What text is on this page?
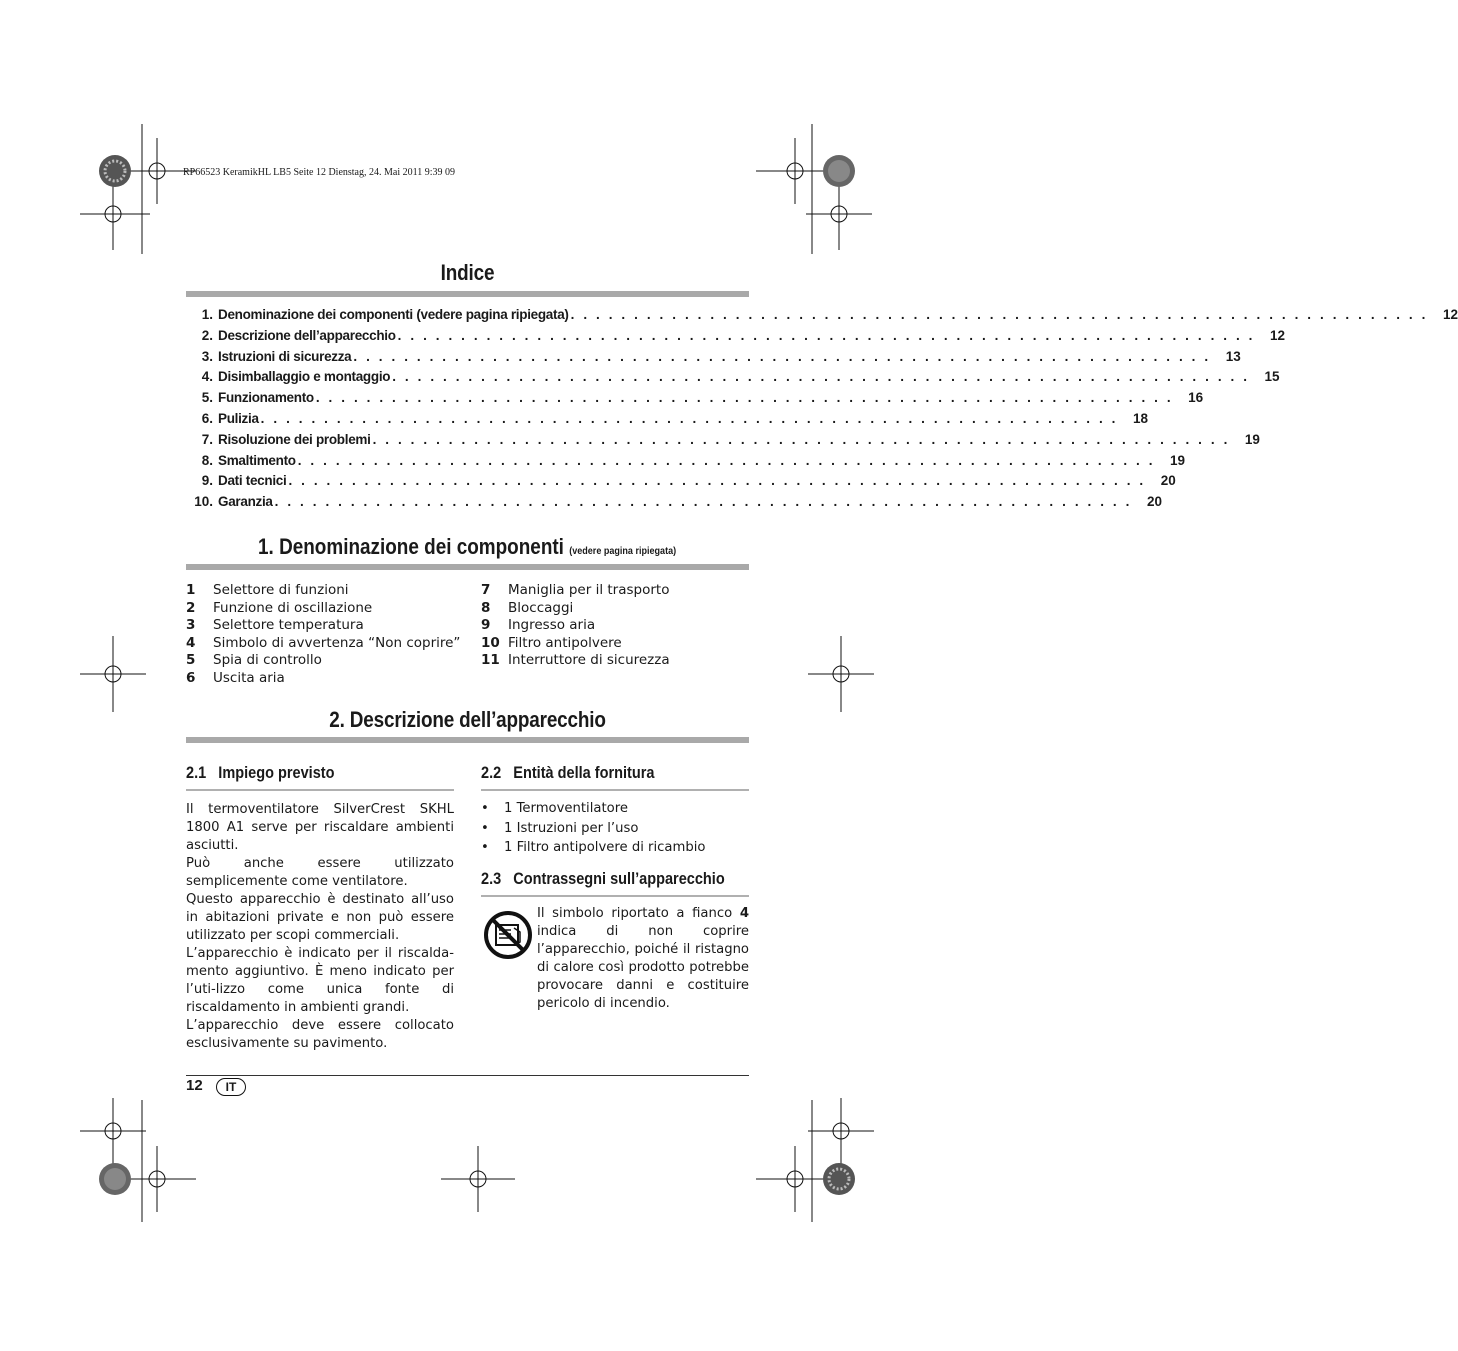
RP66523 KeramikHL LB5 Seite 12 Dienstag, 24. Mai 2011 9:39 09
Indice
1. Denominazione dei componenti (vedere pagina ripiegata) . . . . . . . . . . . . . . . . . . . . . . . . . . . . . . . . . . . . . . . . . . . . . . . . . . . . . . . . . . . . . . . . . . . .	12
2. Descrizione dell’apparecchio . . . . . . . . . . . . . . . . . . . . . . . . . . . . . . . . . . . . . . . . . . . . . . . . . . . . . . . . . . . . . . . . . . . .	12
3. Istruzioni di sicurezza . . . . . . . . . . . . . . . . . . . . . . . . . . . . . . . . . . . . . . . . . . . . . . . . . . . . . . . . . . . . . . . . . . . .	13
4. Disimballaggio e montaggio . . . . . . . . . . . . . . . . . . . . . . . . . . . . . . . . . . . . . . . . . . . . . . . . . . . . . . . . . . . . . . . . . . . .	15
5. Funzionamento . . . . . . . . . . . . . . . . . . . . . . . . . . . . . . . . . . . . . . . . . . . . . . . . . . . . . . . . . . . . . . . . . . . .	16
6. Pulizia . . . . . . . . . . . . . . . . . . . . . . . . . . . . . . . . . . . . . . . . . . . . . . . . . . . . . . . . . . . . . . . . . . . .	18
7. Risoluzione dei problemi . . . . . . . . . . . . . . . . . . . . . . . . . . . . . . . . . . . . . . . . . . . . . . . . . . . . . . . . . . . . . . . . . . . .	19
8. Smaltimento . . . . . . . . . . . . . . . . . . . . . . . . . . . . . . . . . . . . . . . . . . . . . . . . . . . . . . . . . . . . . . . . . . . .	19
9. Dati tecnici . . . . . . . . . . . . . . . . . . . . . . . . . . . . . . . . . . . . . . . . . . . . . . . . . . . . . . . . . . . . . . . . . . . .	20
10. Garanzia . . . . . . . . . . . . . . . . . . . . . . . . . . . . . . . . . . . . . . . . . . . . . . . . . . . . . . . . . . . . . . . . . . . .	20
1. Denominazione dei componenti (vedere pagina ripiegata)
1 Selettore di funzioni
2 Funzione di oscillazione
3 Selettore temperatura
4 Simbolo di avvertenza “Non coprire”
5 Spia di controllo
6 Uscita aria
7 Maniglia per il trasporto
8 Bloccaggi
9 Ingresso aria
10 Filtro antipolvere
11 Interruttore di sicurezza
2. Descrizione dell’apparecchio
2.1   Impiego previsto

Il termoventilatore SilverCrest SKHL 1800 A1 serve per riscaldare ambienti asciutti.

Può anche essere utilizzato semplicemente come ventilatore.

Questo apparecchio è destinato all’uso in abitazioni private e non può essere utilizzato per scopi commerciali.

L’apparecchio è indicato per il riscalda-mento aggiuntivo. È meno indicato per l’uti-lizzo come unica fonte di riscaldamento in ambienti grandi.

L’apparecchio deve essere collocato esclusivamente su pavimento.

2.2   Entità della fornitura
• 1 Termoventilatore
• 1 Istruzioni per l’uso
• 1 Filtro antipolvere di ricambio
2.3   Contrassegni sull’apparecchio
Il simbolo riportato a fianco 4 indica di non coprire l’apparecchio, poiché il ristagno di calore così prodotto potrebbe provocare danni e costituire pericolo di incendio.
12	IT
